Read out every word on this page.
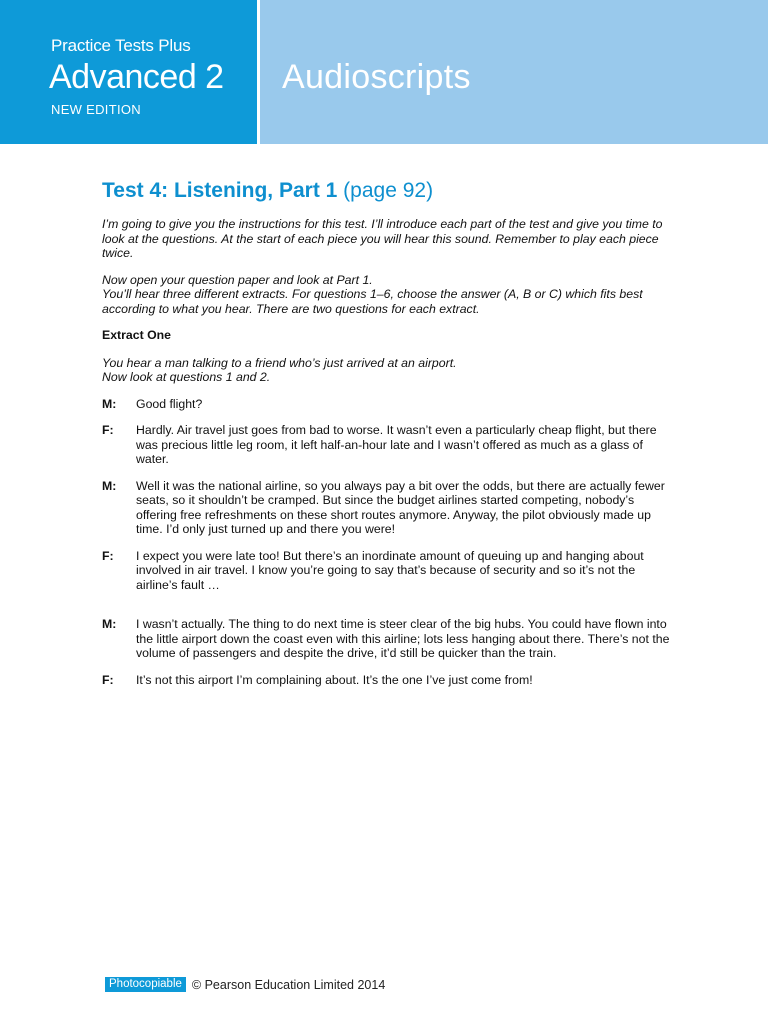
Practice Tests Plus
Advanced 2
NEW EDITION
Audioscripts
Test 4: Listening, Part 1 (page 92)

I’m going to give you the instructions for this test. I’ll introduce each part of the test and give you time to look at the questions. At the start of each piece you will hear this sound. Remember to play each piece twice.

Now open your question paper and look at Part 1.
You’ll hear three different extracts. For questions 1–6, choose the answer (A, B or C) which fits best according to what you hear. There are two questions for each extract.

Extract One

You hear a man talking to a friend who’s just arrived at an airport.
Now look at questions 1 and 2.

M:	Good flight?
F:	Hardly. Air travel just goes from bad to worse. It wasn’t even a particularly cheap flight, but there was precious little leg room, it left half-an-hour late and I wasn’t offered as much as a glass of water.
M:	Well it was the national airline, so you always pay a bit over the odds, but there are actually fewer seats, so it shouldn’t be cramped. But since the budget airlines started competing, nobody’s offering free refreshments on these short routes anymore. Anyway, the pilot obviously made up time. I’d only just turned up and there you were!
F:	I expect you were late too! But there’s an inordinate amount of queuing up and hanging about involved in air travel. I know you’re going to say that’s because of security and so it’s not the airline’s fault …
M:	I wasn’t actually. The thing to do next time is steer clear of the big hubs. You could have flown into the little airport down the coast even with this airline; lots less hanging about there. There’s not the volume of passengers and despite the drive, it’d still be quicker than the train.
F:	It’s not this airport I’m complaining about. It’s the one I’ve just come from!
Photocopiable © Pearson Education Limited 2014
